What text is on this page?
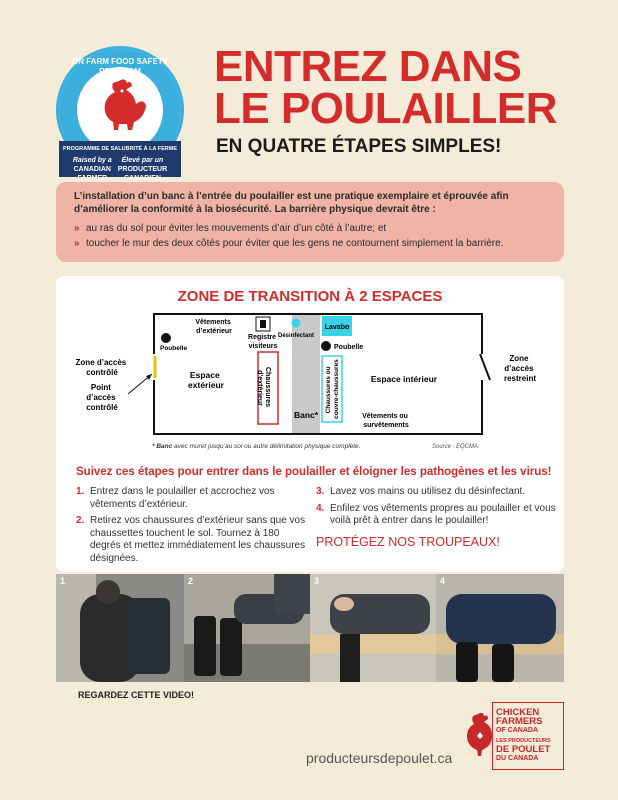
ON FARM FOOD SAFETY
PROGRAMME DE SALUBRITÉ À LA FERME
Raised by a
CANADIAN
FARMER
Élevé par un
PRODUCTEUR
CANADIEN
ENTREZ DANS
LE POULAILLER
EN QUATRE ÉTAPES SIMPLES!
L’installation d’un banc à l’entrée du poulailler est une pratique exemplaire et éprouvée afin d’améliorer la conformité à la biosécurité. La barrière physique devrait être :
» au ras du sol pour éviter les mouvements d’air d’un côté à l’autre; et
» toucher le mur des deux côtés pour éviter que les gens ne contournent simplement la barrière.
ZONE DE TRANSITION À 2 ESPACES
Zone d’accès contrôlé
Point d’accès contrôlé
Zone d’accès restreint
Vêtements d’extérieur
Poubelle
Registre visiteurs
Désinfectant
Lavabo
Poubelle
Espace extérieur	Chaussures d’extérieur
Banc*
Chaussures ou couvre-chaussures	Espace intérieur
Vêtements ou survêtements
* Banc avec muret jusqu’au sol ou autre délimitation physique complète.	Source : EQCMA
Suivez ces étapes pour entrer dans le poulailler et éloigner les pathogènes et les virus!
1. Entrez dans le poulailler et accrochez vos vêtements d’extérieur.
2. Retirez vos chaussures d’extérieur sans que vos chaussettes touchent le sol. Tournez à 180 degrés et mettez immédiatement les chaussures désignées.
3. Lavez vos mains ou utilisez du désinfectant.
4. Enfilez vos vêtements propres au poulailler et vous voilà prêt à entrer dans le poulailler!
PROTÉGEZ NOS TROUPEAUX!
1	2	3	4
REGARDEZ CETTE VIDEO!
producteursdepoulet.ca
CHICKEN
FARMERS
OF CANADA
LES PRODUCTEURS
DE POULET
DU CANADA
